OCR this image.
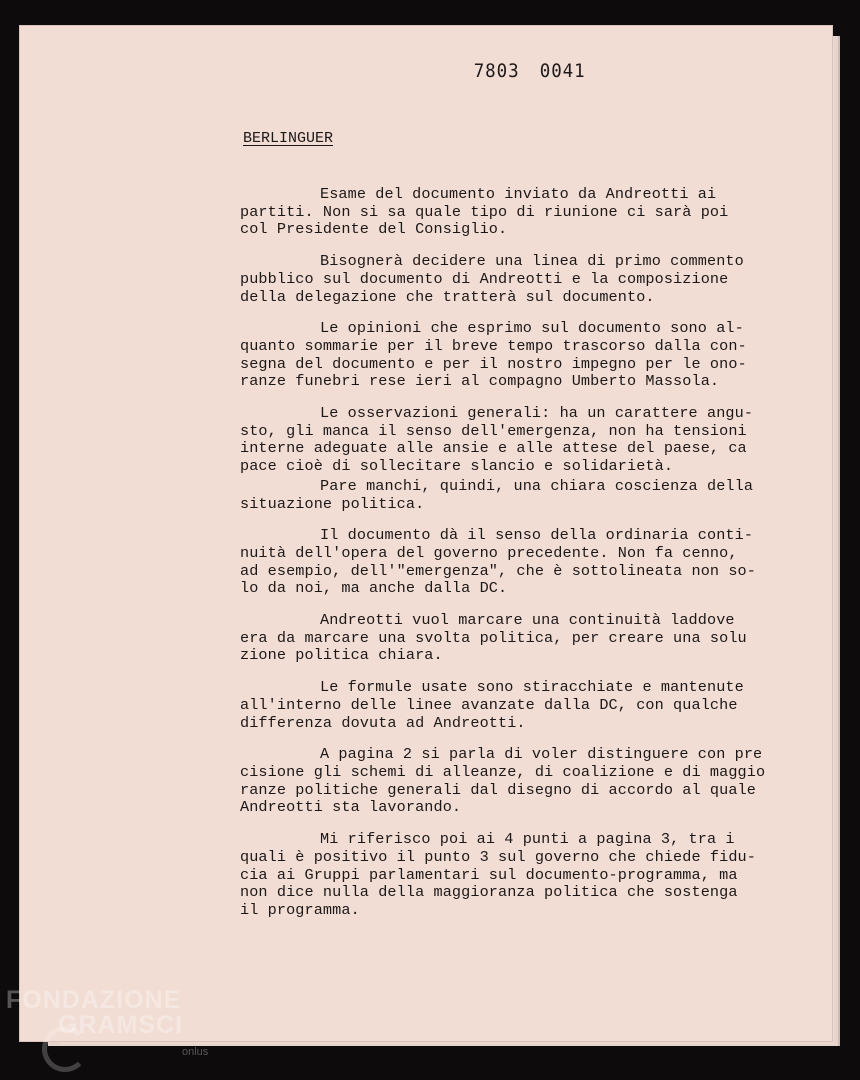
7803 0041
BERLINGUER

Esame del documento inviato da Andreotti ai
partiti. Non si sa quale tipo di riunione ci sarà poi
col Presidente del Consiglio.

Bisognerà decidere una linea di primo commento
pubblico sul documento di Andreotti e la composizione
della delegazione che tratterà sul documento.

Le opinioni che esprimo sul documento sono al-
quanto sommarie per il breve tempo trascorso dalla con-
segna del documento e per il nostro impegno per le ono-
ranze funebri rese ieri al compagno Umberto Massola.

Le osservazioni generali: ha un carattere angu-
sto, gli manca il senso dell'emergenza, non ha tensioni
interne adeguate alle ansie e alle attese del paese, ca
pace cioè di sollecitare slancio e solidarietà.

Pare manchi, quindi, una chiara coscienza della
situazione politica.

Il documento dà il senso della ordinaria conti-
nuità dell'opera del governo precedente. Non fa cenno,
ad esempio, dell'"emergenza", che è sottolineata non so-
lo da noi, ma anche dalla DC.

Andreotti vuol marcare una continuità laddove
era da marcare una svolta politica, per creare una solu
zione politica chiara.

Le formule usate sono stiracchiate e mantenute
all'interno delle linee avanzate dalla DC, con qualche
differenza dovuta ad Andreotti.

A pagina 2 si parla di voler distinguere con pre
cisione gli schemi di alleanze, di coalizione e di maggio
ranze politiche generali dal disegno di accordo al quale
Andreotti sta lavorando.

Mi riferisco poi ai 4 punti a pagina 3, tra i
quali è positivo il punto 3 sul governo che chiede fidu-
cia ai Gruppi parlamentari sul documento-programma, ma
non dice nulla della maggioranza politica che sostenga
il programma.

FONDAZIONE
GRAMSCI
onlus
